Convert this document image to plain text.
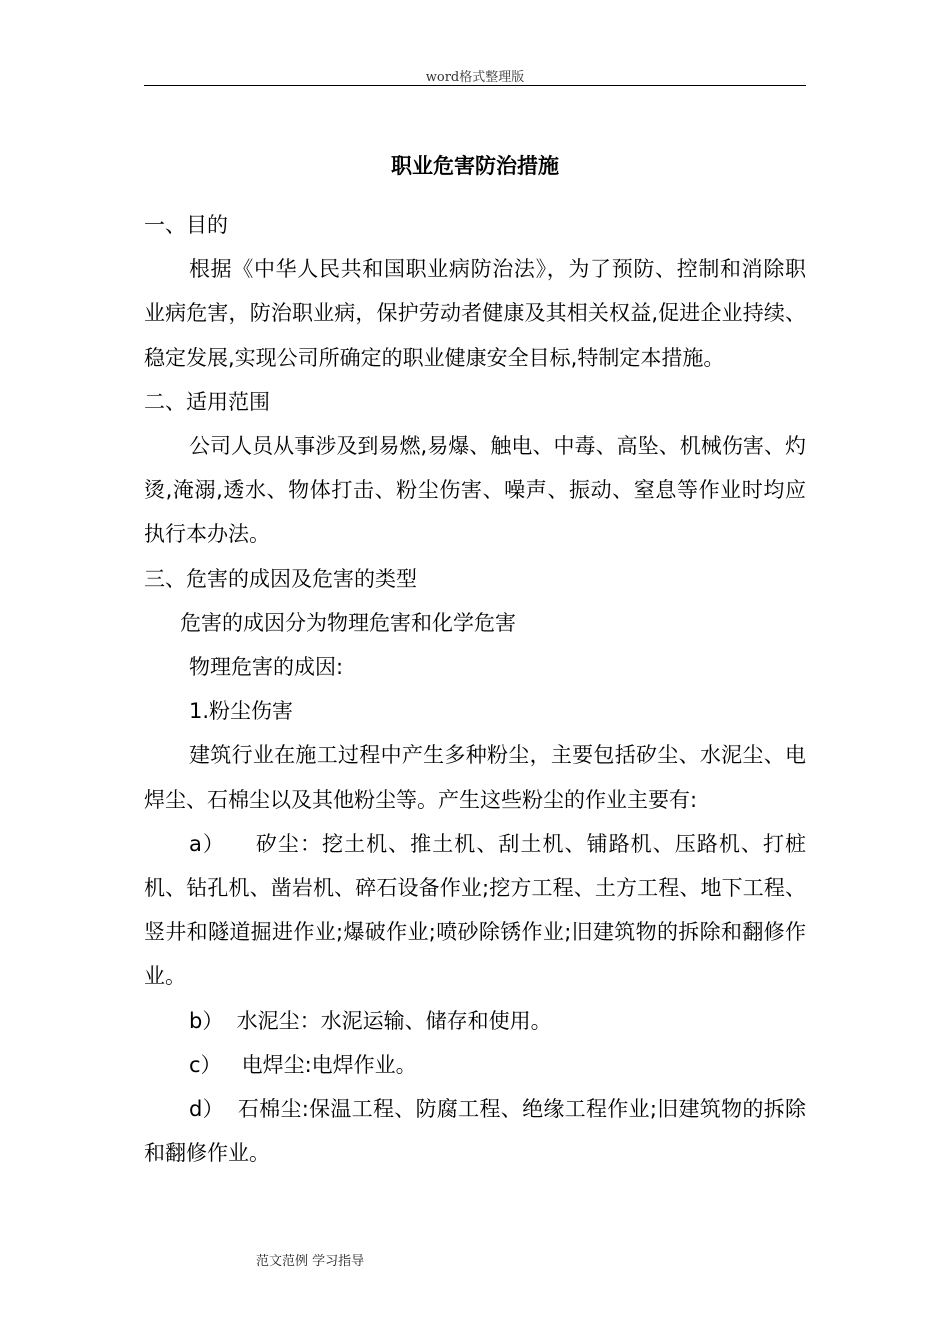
word格式整理版
职业危害防治措施

一、目的

根据《中华人民共和国职业病防治法》，为了预防、控制和消除职业病危害，防治职业病，保护劳动者健康及其相关权益,促进企业持续、稳定发展,实现公司所确定的职业健康安全目标,特制定本措施。

二、适用范围

公司人员从事涉及到易燃,易爆、触电、中毒、高坠、机械伤害、灼烫,淹溺,透水、物体打击、粉尘伤害、噪声、振动、窒息等作业时均应执行本办法。

三、危害的成因及危害的类型

危害的成因分为物理危害和化学危害

物理危害的成因:

1.粉尘伤害

建筑行业在施工过程中产生多种粉尘，主要包括矽尘、水泥尘、电焊尘、石棉尘以及其他粉尘等。产生这些粉尘的作业主要有:

a）    矽尘：挖土机、推土机、刮土机、铺路机、压路机、打桩机、钻孔机、凿岩机、碎石设备作业;挖方工程、土方工程、地下工程、竖井和隧道掘进作业;爆破作业;喷砂除锈作业;旧建筑物的拆除和翻修作业。

b）  水泥尘：水泥运输、储存和使用。

c）   电焊尘:电焊作业。

d）  石棉尘:保温工程、防腐工程、绝缘工程作业;旧建筑物的拆除和翻修作业。

范文范例 学习指导
